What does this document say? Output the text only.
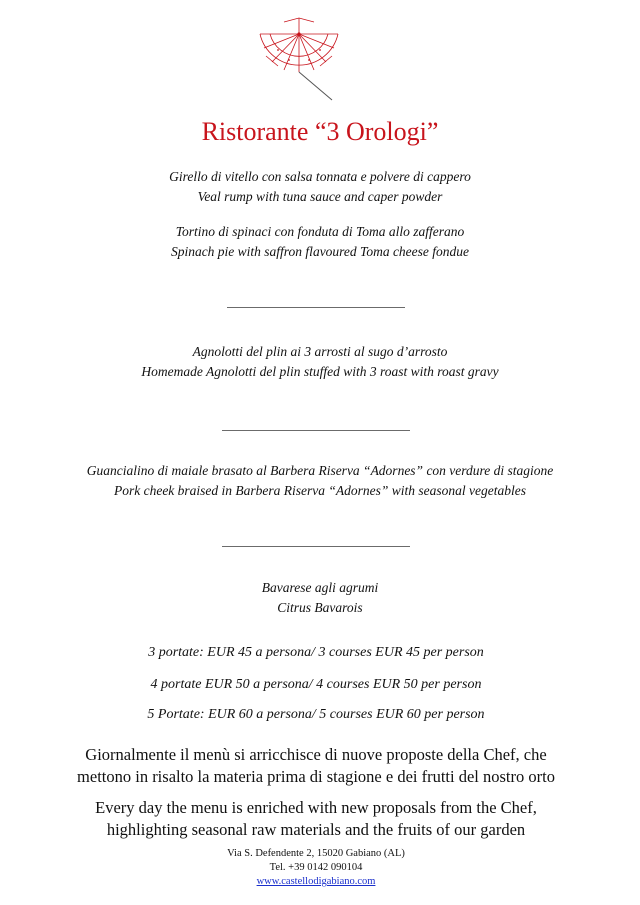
Ristorante “3 Orologi”
Girello di vitello con salsa tonnata e polvere di cappero
Veal rump with tuna sauce and caper powder
Tortino di spinaci con fonduta di Toma allo zafferano
Spinach pie with saffron flavoured Toma cheese fondue
Agnolotti del plin ai 3 arrosti al sugo d’arrosto
Homemade Agnolotti del plin stuffed with 3 roast with roast gravy
Guancialino di maiale brasato al Barbera Riserva “Adornes” con verdure di stagione
Pork cheek braised in Barbera Riserva “Adornes” with seasonal vegetables
Bavarese agli agrumi
Citrus Bavarois
3 portate: EUR 45 a persona/ 3 courses EUR 45 per person
4 portate EUR 50 a persona/ 4 courses EUR 50 per person
5 Portate: EUR 60 a persona/ 5 courses EUR 60 per person
Giornalmente il menù si arricchisce di nuove proposte della Chef, che
mettono in risalto la materia prima di stagione e dei frutti del nostro orto
Every day the menu is enriched with new proposals from the Chef,
highlighting seasonal raw materials and the fruits of our garden
Via S. Defendente 2, 15020 Gabiano (AL)
Tel. +39 0142 090104
www.castellodigabiano.com
